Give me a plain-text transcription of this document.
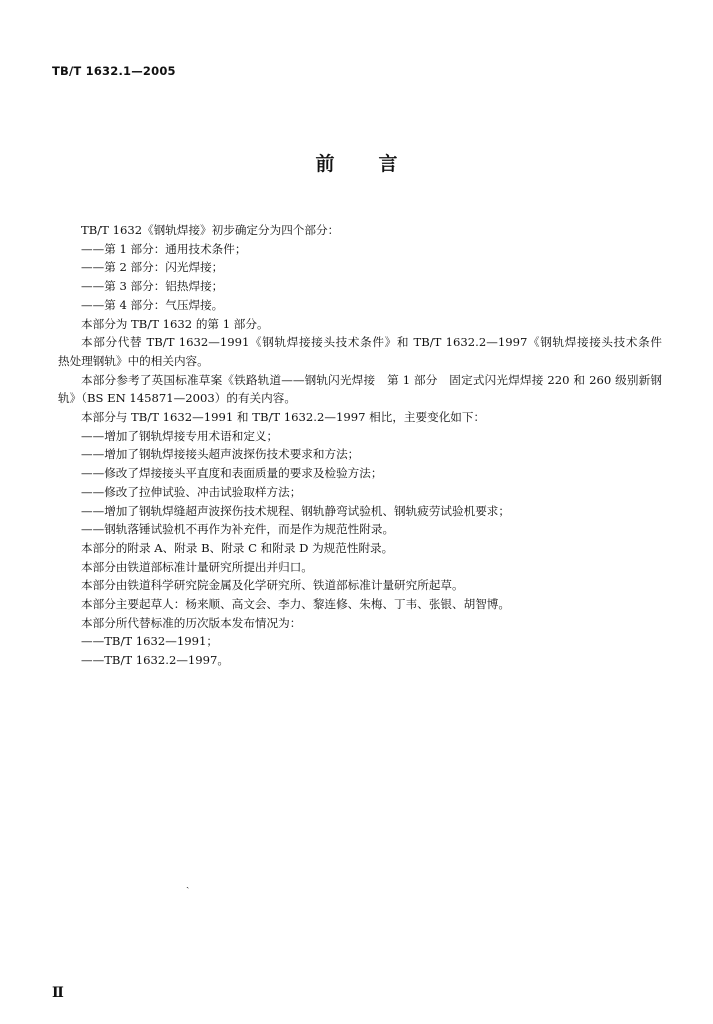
TB/T 1632.1—2005
前言

TB/T 1632《钢轨焊接》初步确定分为四个部分：

——第 1 部分：通用技术条件；

——第 2 部分：闪光焊接；

——第 3 部分：铝热焊接；

——第 4 部分：气压焊接。

本部分为 TB/T 1632 的第 1 部分。

本部分代替 TB/T 1632—1991《钢轨焊接接头技术条件》和 TB/T 1632.2—1997《钢轨焊接接头技术条件　热处理钢轨》中的相关内容。

本部分参考了英国标准草案《铁路轨道——钢轨闪光焊接　第 1 部分　固定式闪光焊焊接 220 和 260 级别新钢轨》（BS EN 145871—2003）的有关内容。

本部分与 TB/T 1632—1991 和 TB/T 1632.2—1997 相比，主要变化如下：

——增加了钢轨焊接专用术语和定义；

——增加了钢轨焊接接头超声波探伤技术要求和方法；

——修改了焊接接头平直度和表面质量的要求及检验方法；

——修改了拉伸试验、冲击试验取样方法；

——增加了钢轨焊缝超声波探伤技术规程、钢轨静弯试验机、钢轨疲劳试验机要求；

——钢轨落锤试验机不再作为补充件，而是作为规范性附录。

本部分的附录 A、附录 B、附录 C 和附录 D 为规范性附录。

本部分由铁道部标准计量研究所提出并归口。

本部分由铁道科学研究院金属及化学研究所、铁道部标准计量研究所起草。

本部分主要起草人：杨来顺、高文会、李力、黎连修、朱梅、丁韦、张银、胡智博。

本部分所代替标准的历次版本发布情况为：

——TB/T 1632—1991；

——TB/T 1632.2—1997。

ˎ
Ⅱ
